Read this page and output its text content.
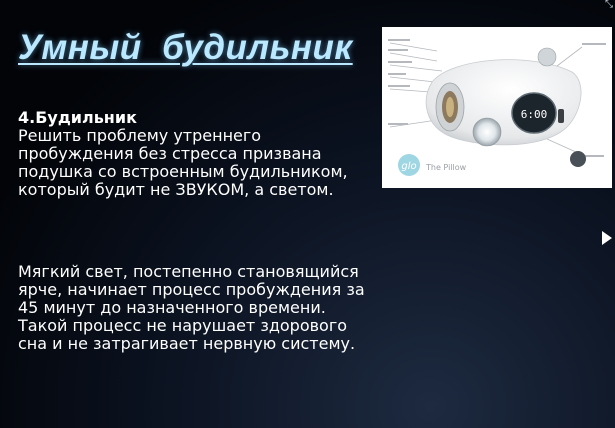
Умный  будильник
4.Будильник

Решить проблему утреннего пробуждения без стресса призвана подушка со встроенным будильником, который будит не ЗВУКОМ, а светом.

Мягкий свет, постепенно становящийся ярче, начинает процесс пробуждения за 45 минут до назначенного времени. Такой процесс не нарушает здорового сна и не затрагивает нервную систему.

6:00
glo The Pillow
⤡
